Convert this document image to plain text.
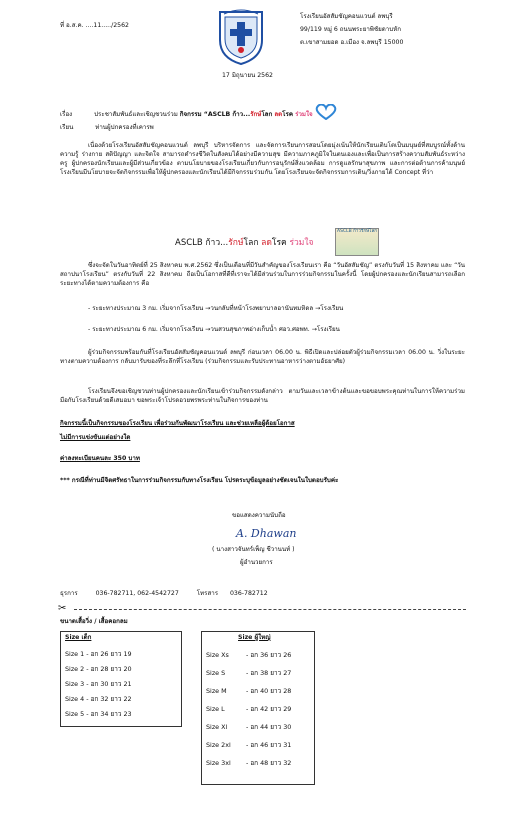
ที่ อ.ส.ค. ....11...../2562
โรงเรียนอัสสัมชัญคอนแวนต์ ลพบุรี
99/119 หมู่ 6 ถนนพระยาพิชัยดาบหัก
ต.เขาสามยอด อ.เมือง จ.ลพบุรี 15000
17 มิถุนายน 2562
เรื่อง	ประชาสัมพันธ์และเชิญชวนร่วม กิจกรรม “ASCLB ก้าว...รักษ์โลก ลดโรค ร่วมใจ
เรียน	ท่านผู้ปกครองที่เคารพ
เนื่องด้วยโรงเรียนอัสสัมชัญคอนแวนต์ ลพบุรี บริหารจัดการ และจัดการเรียนการสอนโดยมุ่งเน้นให้นักเรียนเติบโตเป็นมนุษย์ที่สมบูรณ์ทั้งด้าน ความรู้ ร่างกาย สติปัญญา และจิตใจ สามารถดำรงชีวิตในสังคมได้อย่างมีความสุข มีความภาคภูมิใจในตนเองและเพื่อเป็นการสร้างความสัมพันธ์ระหว่างครู ผู้ปกครองนักเรียนและผู้มีส่วนเกี่ยวข้อง ตามนโยบายของโรงเรียนเกี่ยวกับการอนุรักษ์สิ่งแวดล้อม การดูแลรักษาสุขภาพ และการต่อต้านการค้ามนุษย์ โรงเรียนมีนโยบายจะจัดกิจกรรมเพื่อให้ผู้ปกครองและนักเรียนได้มีกิจกรรมร่วมกัน โดยโรงเรียนจะจัดกิจกรรมการเดิน/วิ่งภายใต้ Concept ที่ว่า
ASCLB ก้าว...รักษ์โลก ลดโรค ร่วมใจ
ASCLB ก้าวรักษ์โลก
ซึ่งจะจัดในวันอาทิตย์ที่ 25 สิงหาคม พ.ศ.2562 ซึ่งเป็นเดือนที่มีวันสำคัญของโรงเรียนเรา คือ “วันอัสสัมชัญ” ตรงกับวันที่ 15 สิงหาคม และ “วันสถาปนาโรงเรียน” ตรงกับวันที่ 22 สิงหาคม ถือเป็นโอกาสที่ดีที่เราจะได้มีส่วนร่วมในการร่วมกิจกรรมในครั้งนี้ โดยผู้ปกครองและนักเรียนสามารถเลือกระยะทางได้ตามความต้องการ คือ
- ระยะทางประมาณ 3 กม. เริ่มจากโรงเรียน →วนกลับที่หน้าโรงพยาบาลอานันทมหิดล →โรงเรียน
- ระยะทางประมาณ 6 กม. เริ่มจากโรงเรียน →วนสวนสุขภาพอ่างเก็บน้ำ ศอว.ศอพท. →โรงเรียน
ผู้ร่วมกิจกรรมพร้อมกันที่โรงเรียนอัสสัมชัญคอนแวนต์ ลพบุรี ก่อนเวลา 06.00 น. พิธีเปิดและปล่อยตัวผู้ร่วมกิจกรรมเวลา 06.00 น. วิ่งในระยะทางตามความต้องการ กลับมารับของที่ระลึกที่โรงเรียน (ร่วมกิจกรรมและรับประทานอาหารว่างตามอัธยาศัย)
โรงเรียนจึงขอเชิญชวนท่านผู้ปกครองและนักเรียนเข้าร่วมกิจกรรมดังกล่าว ตามวันและเวลาข้างต้นและขอขอบพระคุณท่านในการให้ความร่วมมือกับโรงเรียนด้วยดีเสมอมา ขอพระเจ้าโปรดอวยพรพระท่านในกิจการของท่าน
กิจกรรมนี้เป็นกิจกรรมของโรงเรียน เพื่อร่วมกันพัฒนาโรงเรียน และช่วยเหลือผู้ด้อยโอกาส
ไม่มีการแข่งขันแต่อย่างใด
ค่าลงทะเบียนคนละ 350 บาท
*** กรณีที่ท่านมีจิตศรัทธาในการร่วมกิจกรรมกับทางโรงเรียน โปรดระบุข้อมูลอย่างชัดเจนในใบตอบรับค่ะ
ขอแสดงความนับถือ
A. Dhawan
( นางสาวจันทร์เพ็ญ ชีวานนท์ )
ผู้อำนวยการ
ธุรการ	036-782711, 062-4542727	โทรสาร 036-782712
✂
ขนาดเสื้อวิ่ง / เสื้อคอกลม
Size เด็ก
Size 1 - อก 26 ยาว 19
Size 2 - อก 28 ยาว 20
Size 3 - อก 30 ยาว 21
Size 4 - อก 32 ยาว 22
Size 5 - อก 34 ยาว 23
Size ผู้ใหญ่
Size Xs	- อก 36 ยาว 26
Size S	- อก 38 ยาว 27
Size M	- อก 40 ยาว 28
Size L	- อก 42 ยาว 29
Size Xl	- อก 44 ยาว 30
Size 2xl - อก 46 ยาว 31
Size 3xl - อก 48 ยาว 32
